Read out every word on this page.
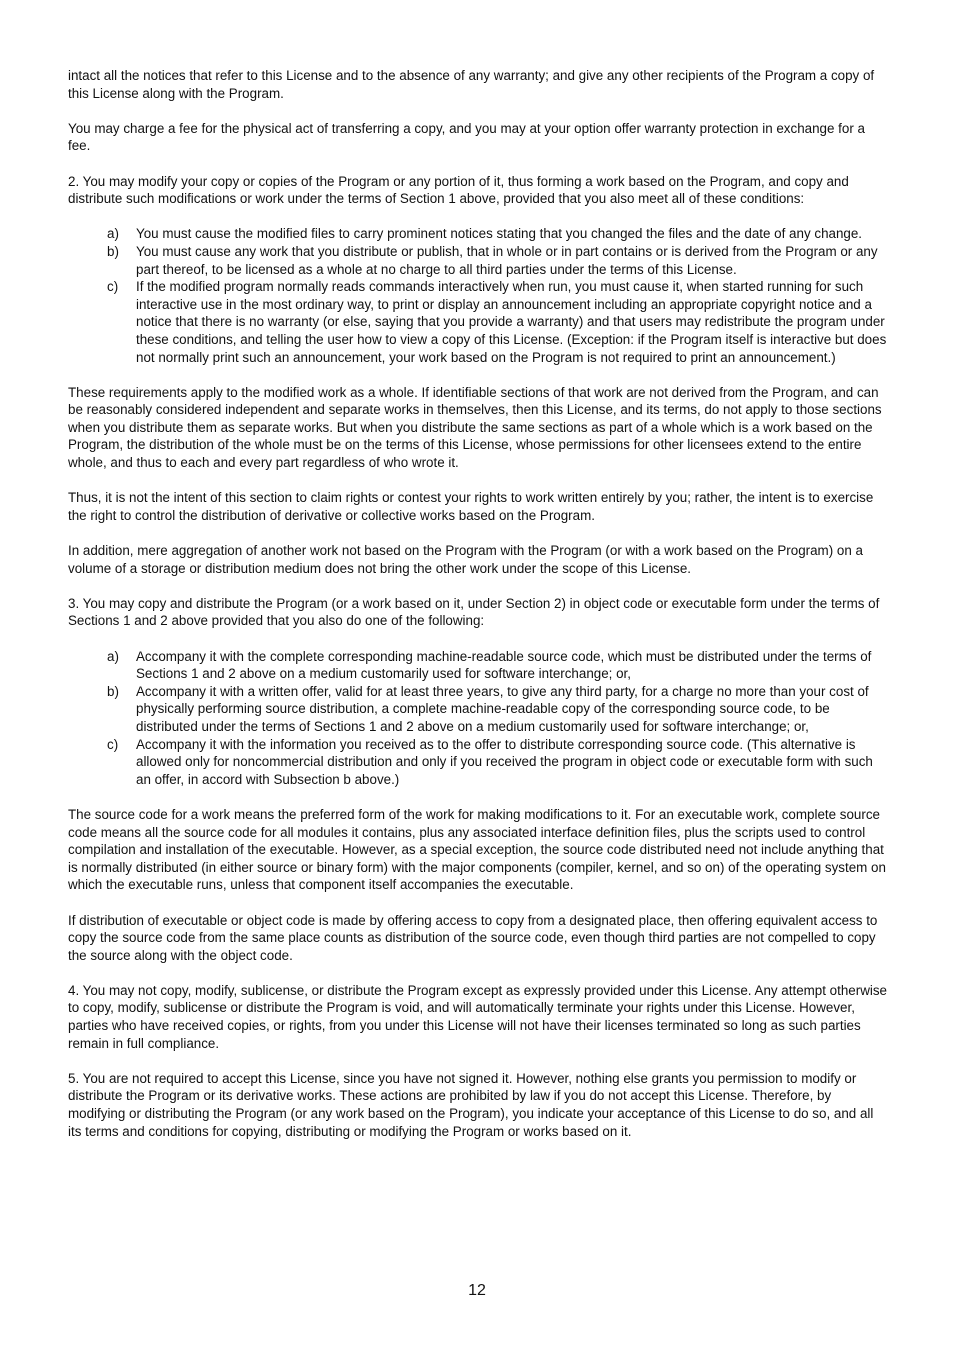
intact all the notices that refer to this License and to the absence of any warranty; and give any other recipients of the Program a copy of this License along with the Program.

You may charge a fee for the physical act of transferring a copy, and you may at your option offer warranty protection in exchange for a fee.

2. You may modify your copy or copies of the Program or any portion of it, thus forming a work based on the Program, and copy and distribute such modifications or work under the terms of Section 1 above, provided that you also meet all of these conditions:

a) You must cause the modified files to carry prominent notices stating that you changed the files and the date of any change.
b) You must cause any work that you distribute or publish, that in whole or in part contains or is derived from the Program or any part thereof, to be licensed as a whole at no charge to all third parties under the terms of this License.
c) If the modified program normally reads commands interactively when run, you must cause it, when started running for such interactive use in the most ordinary way, to print or display an announcement including an appropriate copyright notice and a notice that there is no warranty (or else, saying that you provide a warranty) and that users may redistribute the program under these conditions, and telling the user how to view a copy of this License. (Exception: if the Program itself is interactive but does not normally print such an announcement, your work based on the Program is not required to print an announcement.)

These requirements apply to the modified work as a whole. If identifiable sections of that work are not derived from the Program, and can be reasonably considered independent and separate works in themselves, then this License, and its terms, do not apply to those sections when you distribute them as separate works. But when you distribute the same sections as part of a whole which is a work based on the Program, the distribution of the whole must be on the terms of this License, whose permissions for other licensees extend to the entire whole, and thus to each and every part regardless of who wrote it.

Thus, it is not the intent of this section to claim rights or contest your rights to work written entirely by you; rather, the intent is to exercise the right to control the distribution of derivative or collective works based on the Program.

In addition, mere aggregation of another work not based on the Program with the Program (or with a work based on the Program) on a volume of a storage or distribution medium does not bring the other work under the scope of this License.

3. You may copy and distribute the Program (or a work based on it, under Section 2) in object code or executable form under the terms of Sections 1 and 2 above provided that you also do one of the following:

a) Accompany it with the complete corresponding machine-readable source code, which must be distributed under the terms of Sections 1 and 2 above on a medium customarily used for software interchange; or,
b) Accompany it with a written offer, valid for at least three years, to give any third party, for a charge no more than your cost of physically performing source distribution, a complete machine-readable copy of the corresponding source code, to be distributed under the terms of Sections 1 and 2 above on a medium customarily used for software interchange; or,
c) Accompany it with the information you received as to the offer to distribute corresponding source code. (This alternative is allowed only for noncommercial distribution and only if you received the program in object code or executable form with such an offer, in accord with Subsection b above.)

The source code for a work means the preferred form of the work for making modifications to it. For an executable work, complete source code means all the source code for all modules it contains, plus any associated interface definition files, plus the scripts used to control compilation and installation of the executable. However, as a special exception, the source code distributed need not include anything that is normally distributed (in either source or binary form) with the major components (compiler, kernel, and so on) of the operating system on which the executable runs, unless that component itself accompanies the executable.

If distribution of executable or object code is made by offering access to copy from a designated place, then offering equivalent access to copy the source code from the same place counts as distribution of the source code, even though third parties are not compelled to copy the source along with the object code.

4. You may not copy, modify, sublicense, or distribute the Program except as expressly provided under this License. Any attempt otherwise to copy, modify, sublicense or distribute the Program is void, and will automatically terminate your rights under this License. However, parties who have received copies, or rights, from you under this License will not have their licenses terminated so long as such parties remain in full compliance.

5. You are not required to accept this License, since you have not signed it. However, nothing else grants you permission to modify or distribute the Program or its derivative works. These actions are prohibited by law if you do not accept this License. Therefore, by modifying or distributing the Program (or any work based on the Program), you indicate your acceptance of this License to do so, and all its terms and conditions for copying, distributing or modifying the Program or works based on it.

12
